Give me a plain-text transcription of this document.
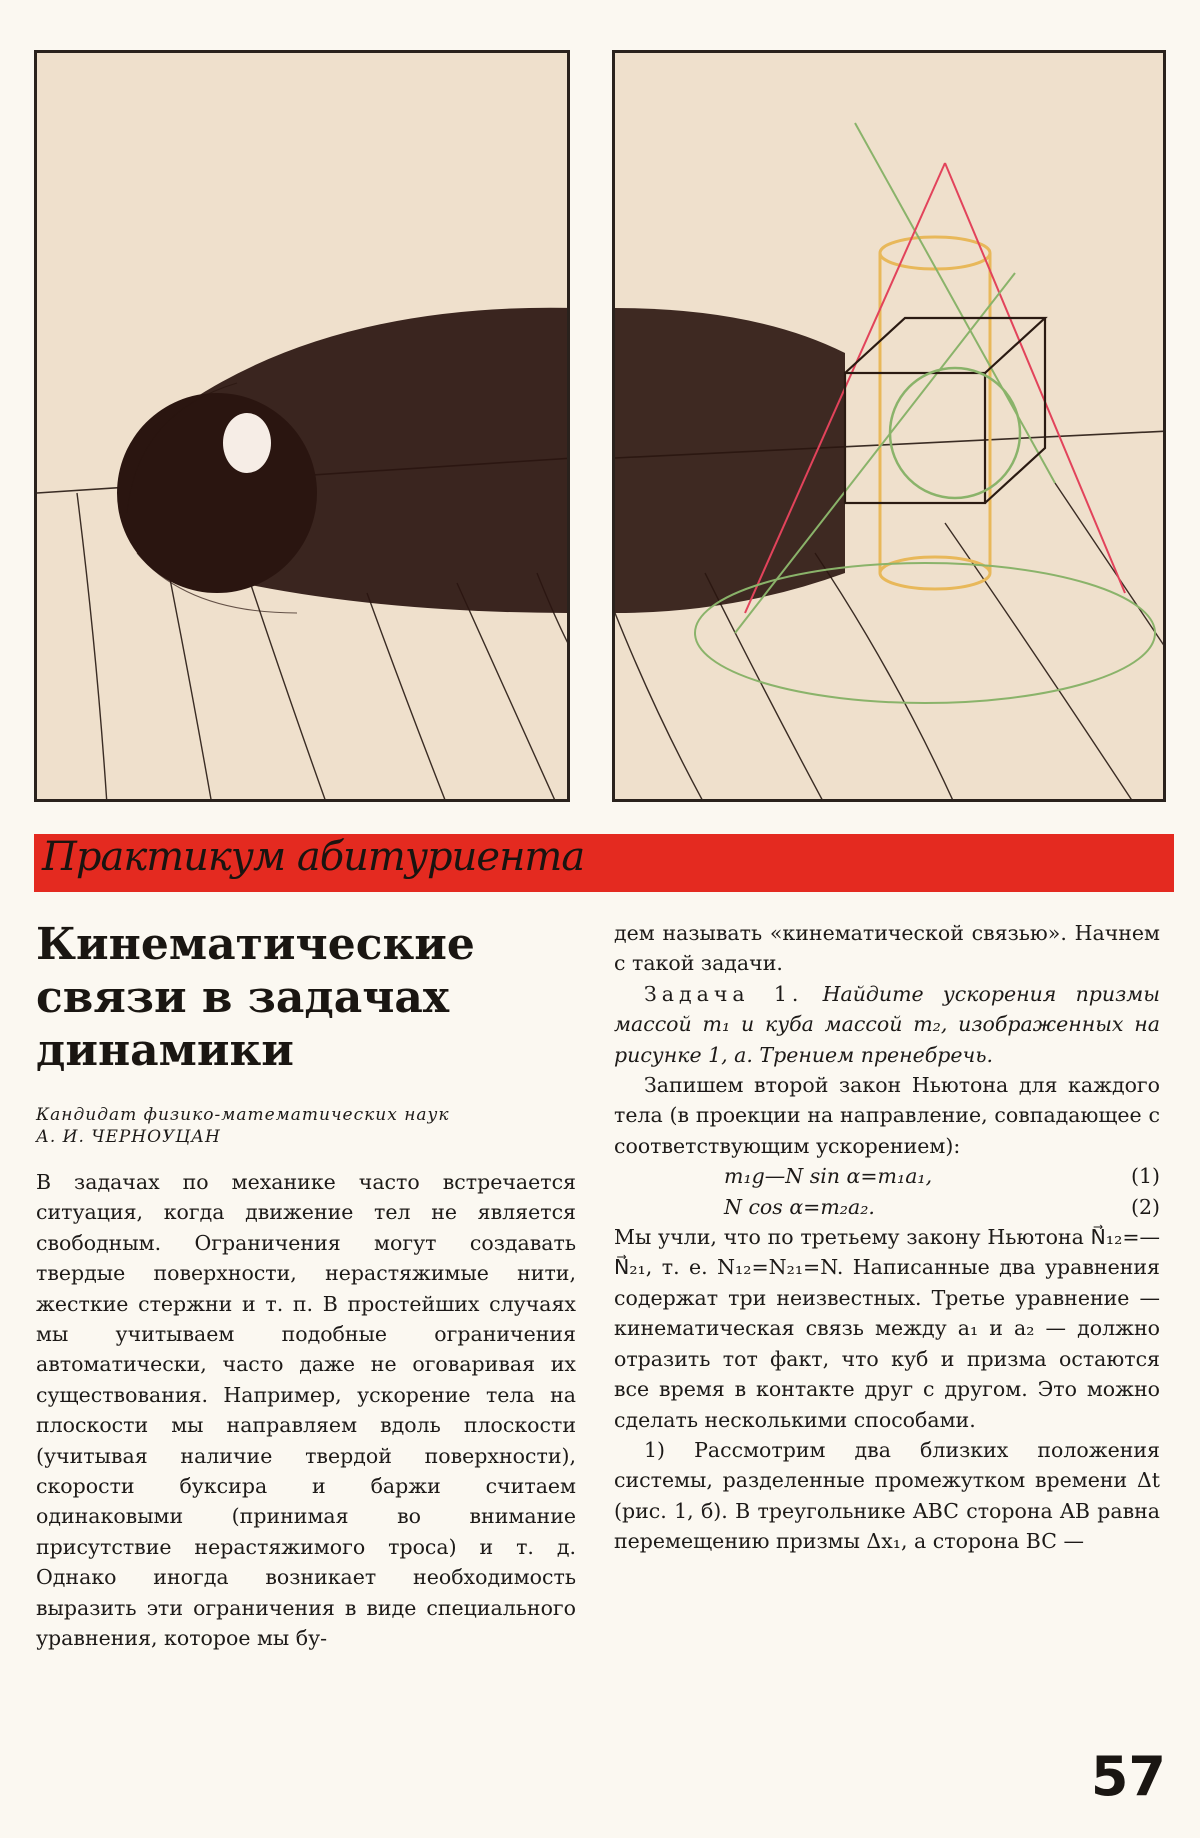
Практикум абитуриента
Кинематические
связи в задачах
динамики
Кандидат физико-математических наук
А. И. ЧЕРНОУЦАН

В задачах по механике часто встречается ситуация, когда движение тел не является свободным. Ограничения могут создавать твердые поверхности, нерастяжимые нити, жесткие стержни и т. п. В простейших случаях мы учитываем подобные ограничения автоматически, часто даже не оговаривая их существования. Например, ускорение тела на плоскости мы направляем вдоль плоскости (учитывая наличие твердой поверхности), скорости буксира и баржи считаем одинаковыми (принимая во внимание присутствие нерастяжимого троса) и т. д. Однако иногда возникает необходимость выразить эти ограничения в виде специального уравнения, которое мы бу-

дем называть «кинематической связью». Начнем с такой задачи.

Задача 1. Найдите ускорения призмы массой m₁ и куба массой m₂, изображенных на рисунке 1, а. Трением пренебречь.

Запишем второй закон Ньютона для каждого тела (в проекции на направление, совпадающее с соответствующим ускорением):

m₁g—N sin α=m₁a₁,	(1)
N cos α=m₂a₂.	(2)

Мы учли, что по третьему закону Ньютона N⃗₁₂=—N⃗₂₁, т. е. N₁₂=N₂₁=N. Написанные два уравнения содержат три неизвестных. Третье уравнение — кинематическая связь между a₁ и a₂ — должно отразить тот факт, что куб и призма остаются все время в контакте друг с другом. Это можно сделать несколькими способами.

1) Рассмотрим два близких положения системы, разделенные промежутком времени Δt (рис. 1, б). В треугольнике ABC сторона AB равна перемещению призмы Δx₁, а сторона BC —

57
